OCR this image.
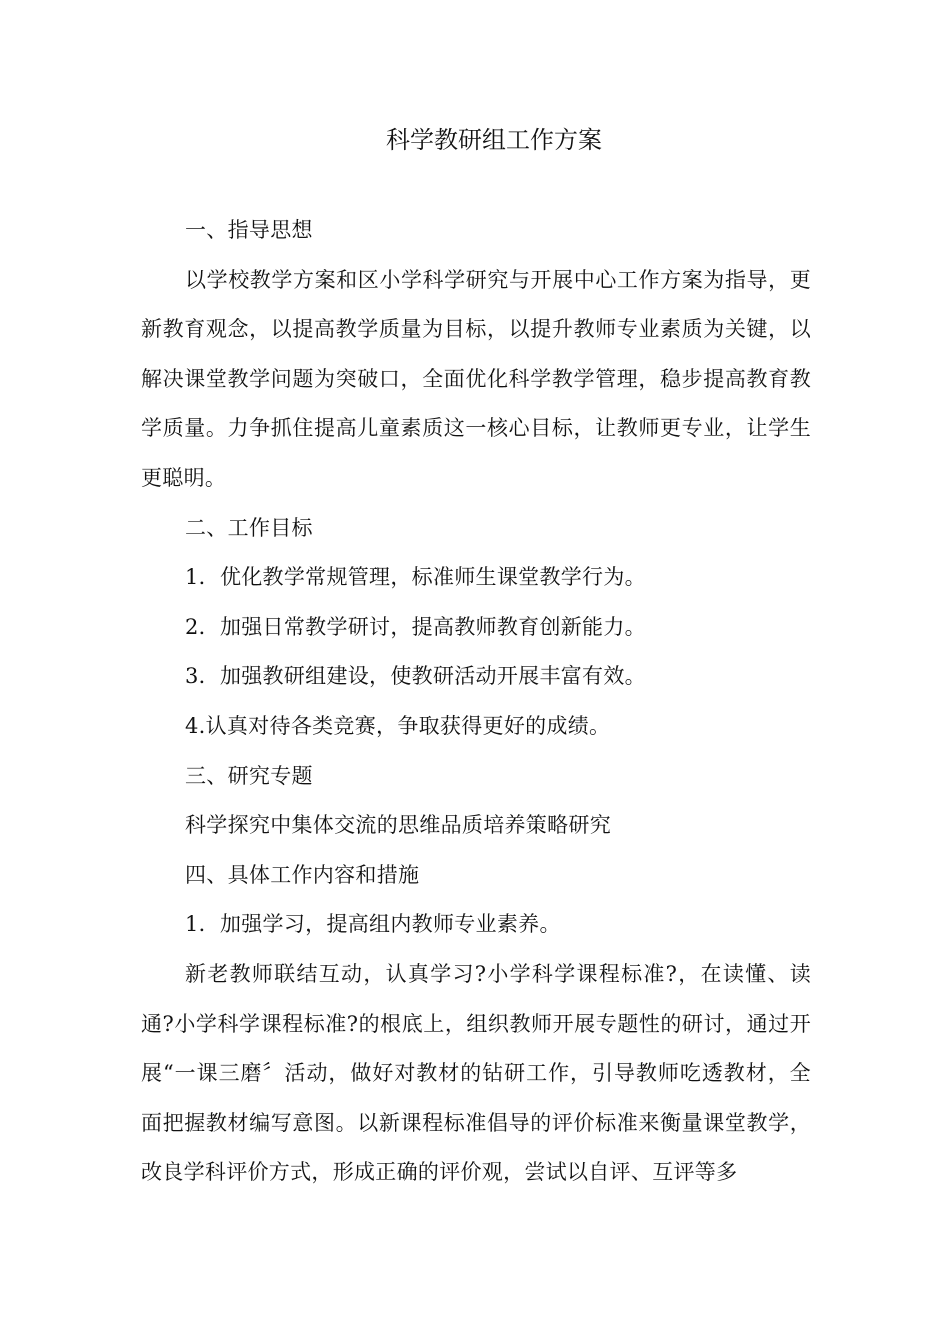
科学教研组工作方案

一、指导思想

以学校教学方案和区小学科学研究与开展中心工作方案为指导，更新教育观念，以提高教学质量为目标，以提升教师专业素质为关键，以解决课堂教学问题为突破口，全面优化科学教学管理，稳步提高教育教学质量。力争抓住提高儿童素质这一核心目标，让教师更专业，让学生更聪明。

二、工作目标

1．优化教学常规管理，标准师生课堂教学行为。

2．加强日常教学研讨，提高教师教育创新能力。

3．加强教研组建设，使教研活动开展丰富有效。

4.认真对待各类竞赛，争取获得更好的成绩。

三、研究专题

科学探究中集体交流的思维品质培养策略研究

四、具体工作内容和措施

1．加强学习，提高组内教师专业素养。

新老教师联结互动，认真学习?小学科学课程标准?，在读懂、读通?小学科学课程标准?的根底上，组织教师开展专题性的研讨，通过开展“一课三磨〞活动，做好对教材的钻研工作，引导教师吃透教材，全面把握教材编写意图。以新课程标准倡导的评价标准来衡量课堂教学，改良学科评价方式，形成正确的评价观，尝试以自评、互评等多
